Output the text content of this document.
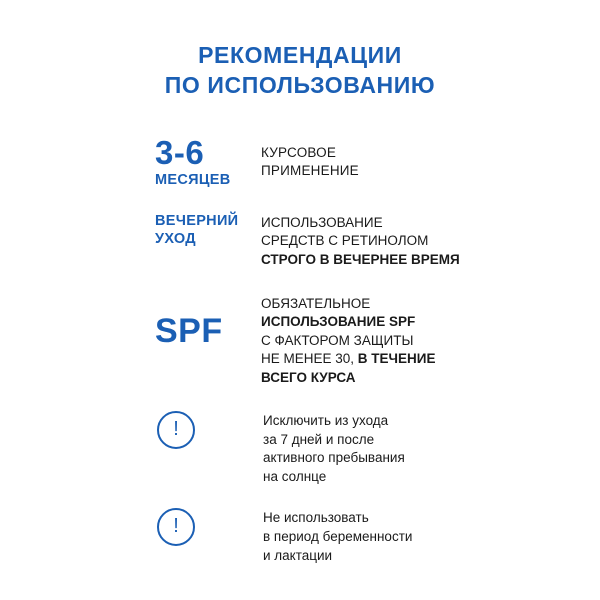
РЕКОМЕНДАЦИИ
ПО ИСПОЛЬЗОВАНИЮ
3-6
МЕСЯЦЕВ
КУРСОВОЕ
ПРИМЕНЕНИЕ
ВЕЧЕРНИЙ
УХОД
ИСПОЛЬЗОВАНИЕ
СРЕДСТВ С РЕТИНОЛОМ
СТРОГО В ВЕЧЕРНЕЕ ВРЕМЯ
SPF
ОБЯЗАТЕЛЬНОЕ
ИСПОЛЬЗОВАНИЕ SPF
С ФАКТОРОМ ЗАЩИТЫ
НЕ МЕНЕЕ 30, В ТЕЧЕНИЕ
ВСЕГО КУРСА
!	Исключить из ухода
за 7 дней и после
активного пребывания
на солнце
!	Не использовать
в период беременности
и лактации
